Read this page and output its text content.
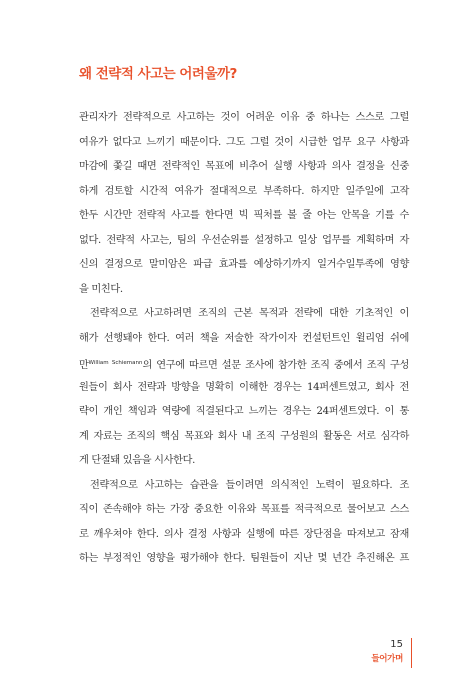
왜 전략적 사고는 어려울까?
관리자가 전략적으로 사고하는 것이 어려운 이유 중 하나는 스스로 그럴
여유가 없다고 느끼기 때문이다. 그도 그럴 것이 시급한 업무 요구 사항과
마감에 쫓길 때면 전략적인 목표에 비추어 실행 사항과 의사 결정을 신중
하게 검토할 시간적 여유가 절대적으로 부족하다. 하지만 일주일에 고작
한두 시간만 전략적 사고를 한다면 빅 픽처를 볼 줄 아는 안목을 기를 수
없다. 전략적 사고는, 팀의 우선순위를 설정하고 일상 업무를 계획하며 자
신의 결정으로 말미암은 파급 효과를 예상하기까지 일거수일투족에 영향
을 미친다.
전략적으로 사고하려면 조직의 근본 목적과 전략에 대한 기초적인 이
해가 선행돼야 한다. 여러 책을 저술한 작가이자 컨설턴트인 윌리엄 쉬에
만$^{William Schiemann}$의 연구에 따르면 설문 조사에 참가한 조직 중에서 조직 구성
원들이 회사 전략과 방향을 명확히 이해한 경우는 14퍼센트였고, 회사 전
략이 개인 책임과 역량에 직결된다고 느끼는 경우는 24퍼센트였다. 이 통
계 자료는 조직의 핵심 목표와 회사 내 조직 구성원의 활동은 서로 심각하
게 단절돼 있음을 시사한다.
전략적으로 사고하는 습관을 들이려면 의식적인 노력이 필요하다. 조
직이 존속해야 하는 가장 중요한 이유와 목표를 적극적으로 물어보고 스스
로 깨우쳐야 한다. 의사 결정 사항과 실행에 따른 장단점을 따져보고 잠재
하는 부정적인 영향을 평가해야 한다. 팀원들이 지난 몇 년간 추진해온 프
15
들어가며
